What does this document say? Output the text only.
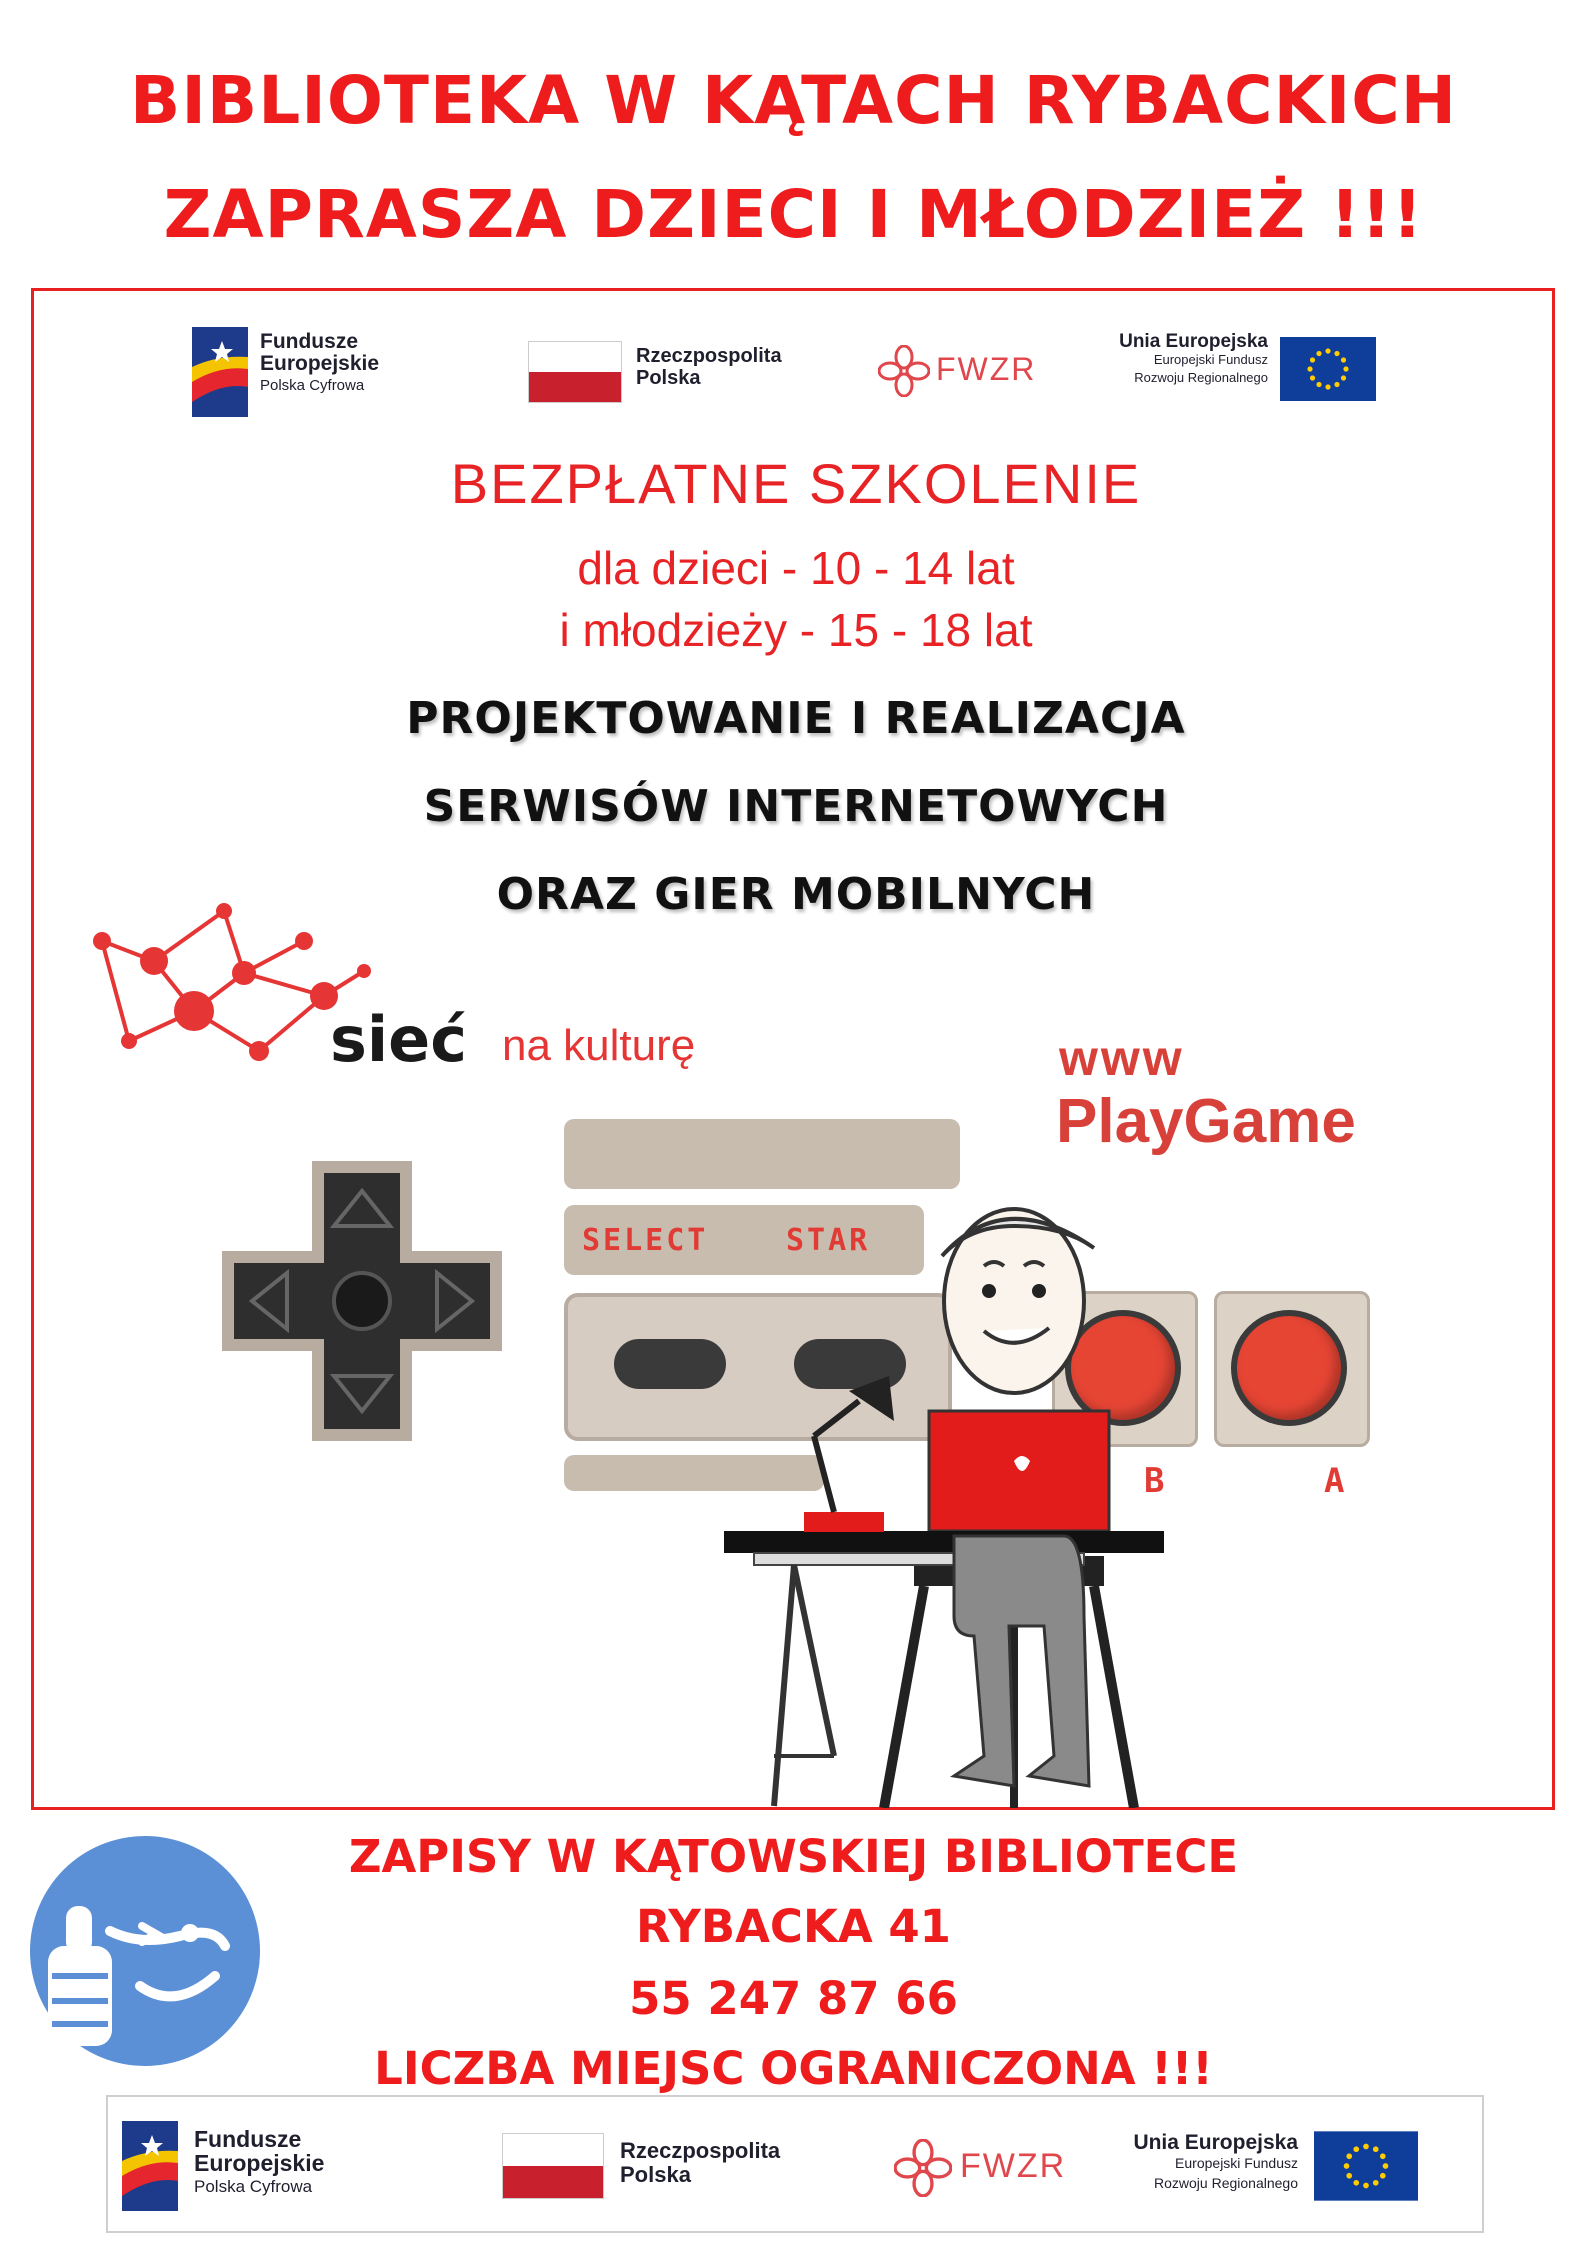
BIBLIOTEKA W KĄTACH RYBACKICH
ZAPRASZA DZIECI I MŁODZIEŻ !!!
Fundusze
Europejskie
Polska Cyfrowa
Rzeczpospolita
Polska	FWZR
Unia Europejska
Europejski Fundusz
Rozwoju Regionalnego
BEZPŁATNE SZKOLENIE
dla dzieci - 10 - 14 lat
i młodzieży - 15 - 18 lat
PROJEKTOWANIE I REALIZACJA
SERWISÓW INTERNETOWYCH
ORAZ GIER MOBILNYCH
sieć na kulturę	www
PlayGame
SELECT	STAR
B	A
ZAPISY W KĄTOWSKIEJ BIBLIOTECE
RYBACKA 41
55 247 87 66
LICZBA MIEJSC OGRANICZONA !!!
Fundusze
Europejskie
Polska Cyfrowa
Rzeczpospolita
Polska	FWZR
Unia Europejska
Europejski Fundusz
Rozwoju Regionalnego
